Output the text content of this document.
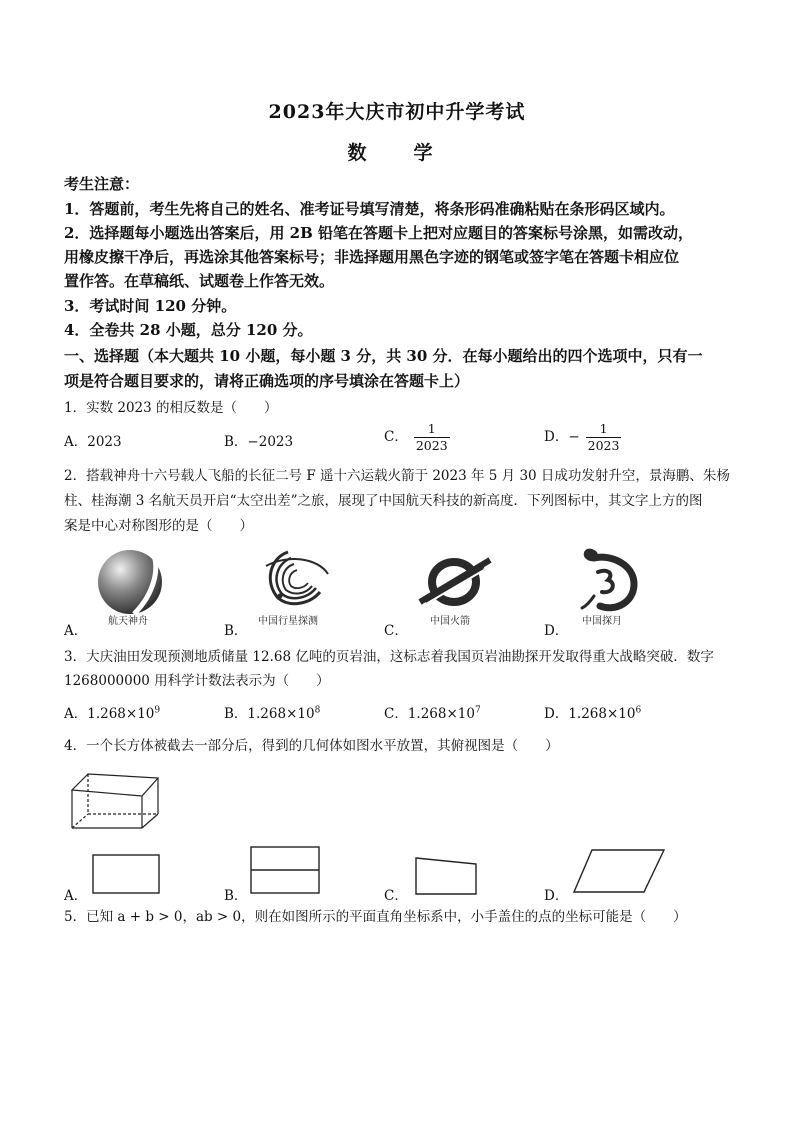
2023年大庆市初中升学考试
数　学
考生注意：
1．答题前，考生先将自己的姓名、准考证号填写清楚，将条形码准确粘贴在条形码区域内。
2．选择题每小题选出答案后，用 2B 铅笔在答题卡上把对应题目的答案标号涂黑，如需改动，
用橡皮擦干净后，再选涂其他答案标号；非选择题用黑色字迹的钢笔或签字笔在答题卡相应位
置作答。在草稿纸、试题卷上作答无效。
3．考试时间 120 分钟。
4．全卷共 28 小题，总分 120 分。
一、选择题（本大题共 10 小题，每小题 3 分，共 30 分．在每小题给出的四个选项中，只有一
项是符合题目要求的，请将正确选项的序号填涂在答题卡上）
1．实数 2023 的相反数是（　　）
A．2023	B．−2023	C． $\frac{1}{2023}$	D．− $\frac{1}{2023}$
2．搭载神舟十六号载人飞船的长征二号 F 遥十六运载火箭于 2023 年 5 月 30 日成功发射升空，景海鹏、朱杨
柱、桂海潮 3 名航天员开启“太空出差”之旅，展现了中国航天科技的新高度．下列图标中，其文字上方的图
案是中心对称图形的是（　　）
航天神舟	中国行星探测	中国火箭	中国探月
A．	B．	C．	D．
3．大庆油田发现预测地质储量 12.68 亿吨的页岩油，这标志着我国页岩油勘探开发取得重大战略突破．数字
1268000000 用科学计数法表示为（　　）
A．$1.268\times 10^9$	B．$1.268\times 10^8$	C．$1.268\times 10^7$	D．$1.268\times 10^6$
4．一个长方体被截去一部分后，得到的几何体如图水平放置，其俯视图是（　　）
A．	B．	C．	D．
5．已知 a + b > 0，ab > 0，则在如图所示的平面直角坐标系中，小手盖住的点的坐标可能是（　　）
